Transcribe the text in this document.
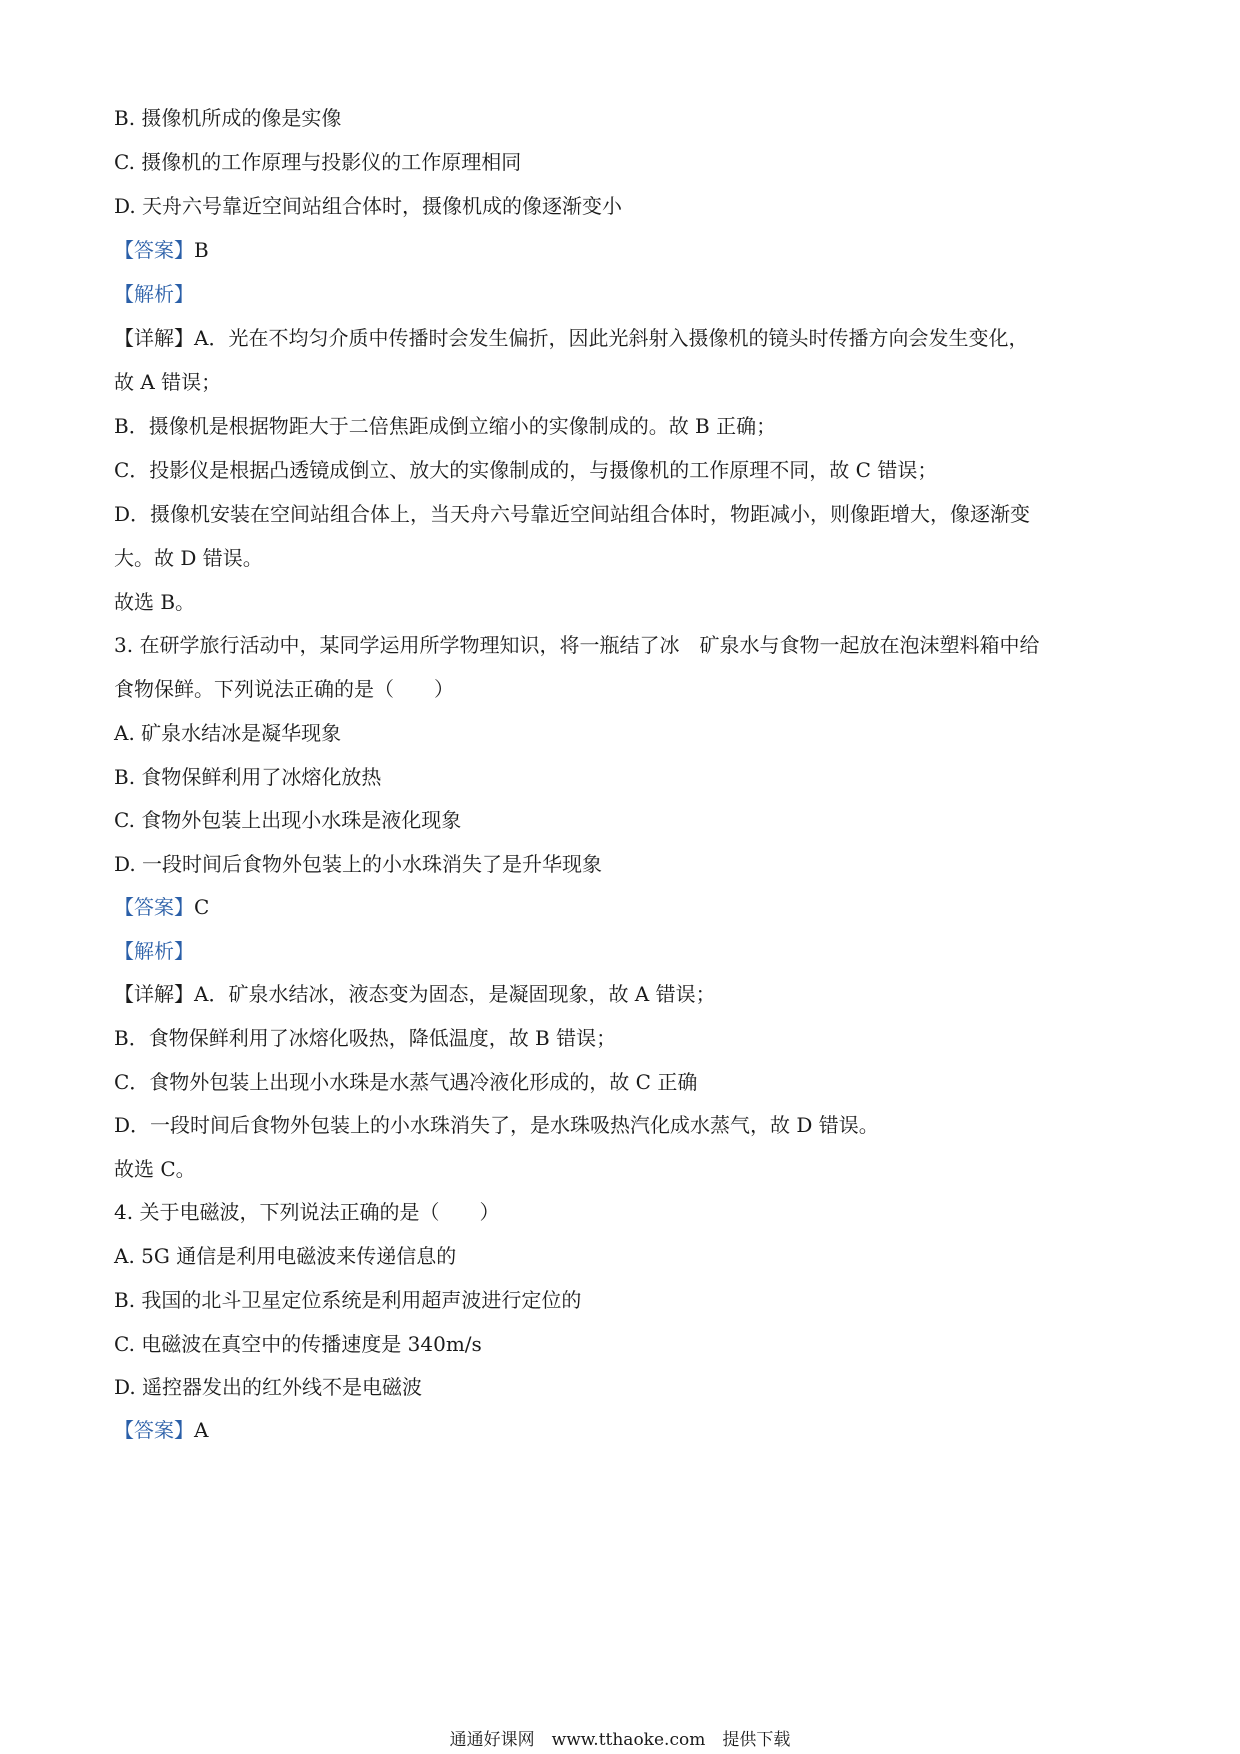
B. 摄像机所成的像是实像
C. 摄像机的工作原理与投影仪的工作原理相同
D. 天舟六号靠近空间站组合体时，摄像机成的像逐渐变小
【答案】B
【解析】
【详解】A．光在不均匀介质中传播时会发生偏折，因此光斜射入摄像机的镜头时传播方向会发生变化，
故 A 错误；
B．摄像机是根据物距大于二倍焦距成倒立缩小的实像制成的。故 B 正确；
C．投影仪是根据凸透镜成倒立、放大的实像制成的，与摄像机的工作原理不同，故 C 错误；
D．摄像机安装在空间站组合体上，当天舟六号靠近空间站组合体时，物距减小，则像距增大，像逐渐变
大。故 D 错误。
故选 B。
3. 在研学旅行活动中，某同学运用所学物理知识，将一瓶结了冰　矿泉水与食物一起放在泡沫塑料箱中给
食物保鲜。下列说法正确的是（　　）
A. 矿泉水结冰是凝华现象
B. 食物保鲜利用了冰熔化放热
C. 食物外包装上出现小水珠是液化现象
D. 一段时间后食物外包装上的小水珠消失了是升华现象
【答案】C
【解析】
【详解】A．矿泉水结冰，液态变为固态，是凝固现象，故 A 错误；
B．食物保鲜利用了冰熔化吸热，降低温度，故 B 错误；
C．食物外包装上出现小水珠是水蒸气遇冷液化形成的，故 C 正确
D．一段时间后食物外包装上的小水珠消失了，是水珠吸热汽化成水蒸气，故 D 错误。
故选 C。
4. 关于电磁波，下列说法正确的是（　　）
A. 5G 通信是利用电磁波来传递信息的
B. 我国的北斗卫星定位系统是利用超声波进行定位的
C. 电磁波在真空中的传播速度是 340m/s
D. 遥控器发出的红外线不是电磁波
【答案】A
通通好课网　www.tthaoke.com　提供下载
